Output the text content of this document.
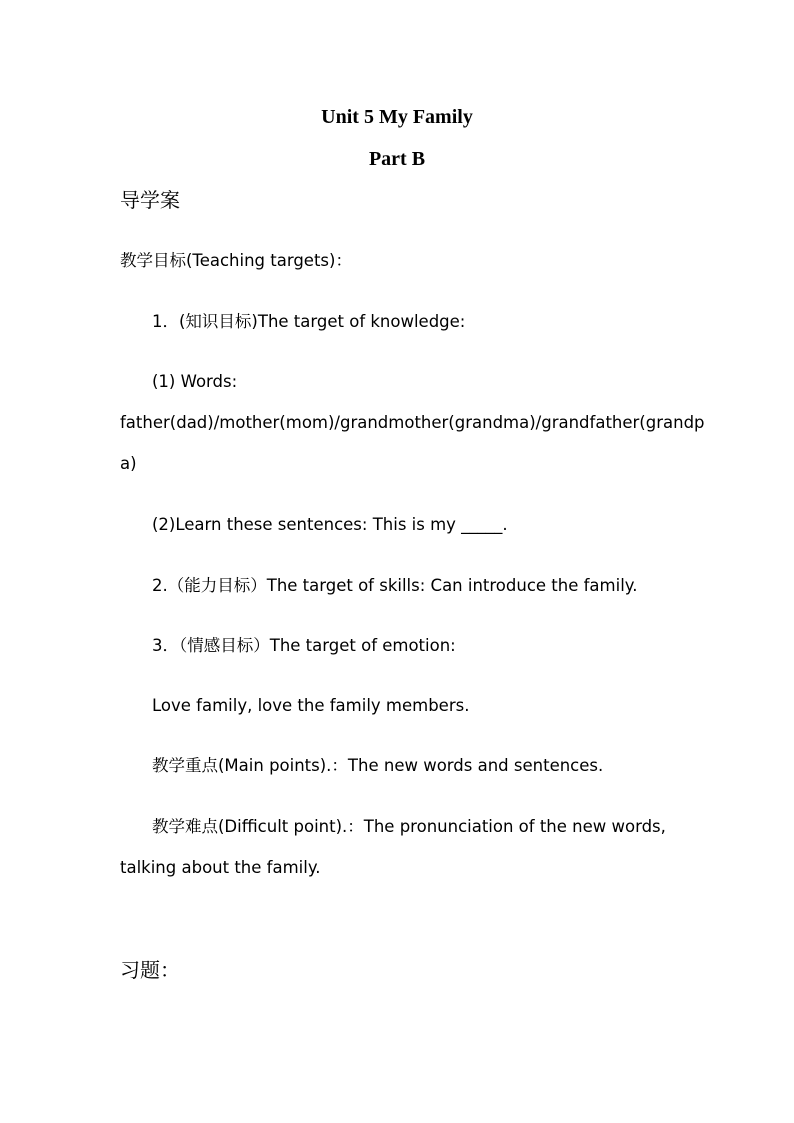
Unit 5 My Family
Part B
导学案
教学目标(Teaching targets)：
1．(知识目标)The target of knowledge:
(1) Words:
father(dad)/mother(mom)/grandmother(grandma)/grandfather(grandp
a)
(2)Learn these sentences: This is my _____.
2.（能力目标）The target of skills: Can introduce the family.
3．（情感目标）The target of emotion:
Love family, love the family members.
教学重点(Main points).：The new words and sentences.
教学难点(Difficult point).：The pronunciation of the new words,
talking about the family.
习题：
